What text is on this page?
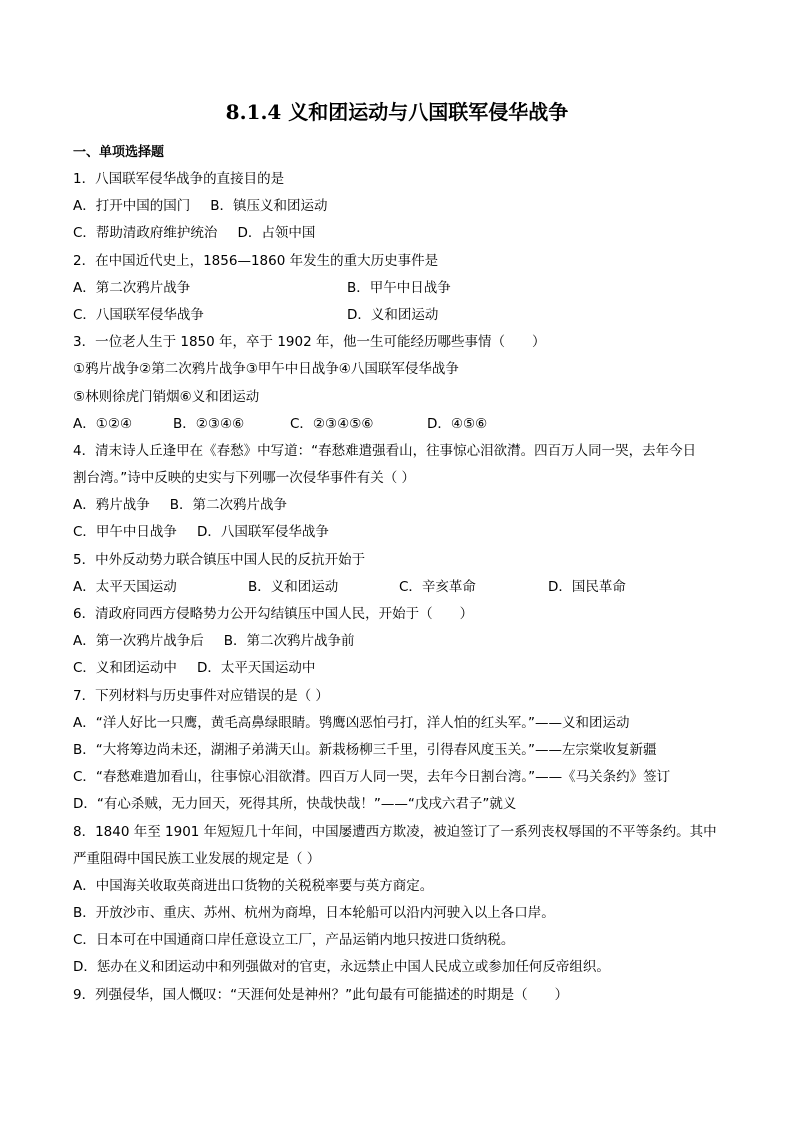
8.1.4 义和团运动与八国联军侵华战争
一、单项选择题
1．八国联军侵华战争的直接目的是
A．打开中国的国门 B．镇压义和团运动
C．帮助清政府维护统治 D．占领中国
2．在中国近代史上，1856—1860 年发生的重大历史事件是
A．第二次鸦片战争	B．甲午中日战争
C．八国联军侵华战争	D．义和团运动
3．一位老人生于 1850 年，卒于 1902 年，他一生可能经历哪些事情（　　）
①鸦片战争②第二次鸦片战争③甲午中日战争④八国联军侵华战争
⑤林则徐虎门销烟⑥义和团运动
A．①②④	B．②③④⑥	C．②③④⑤⑥	D．④⑤⑥
4．清末诗人丘逢甲在《春愁》中写道：“春愁难遣强看山，往事惊心泪欲潸。四百万人同一哭，去年今日
割台湾。”诗中反映的史实与下列哪一次侵华事件有关（ ）
A．鸦片战争 B．第二次鸦片战争
C．甲午中日战争 D．八国联军侵华战争
5．中外反动势力联合镇压中国人民的反抗开始于
A．太平天国运动	B．义和团运动	C．辛亥革命	D．国民革命
6．清政府同西方侵略势力公开勾结镇压中国人民，开始于（　　）
A．第一次鸦片战争后 B．第二次鸦片战争前
C．义和团运动中 D．太平天国运动中
7．下列材料与历史事件对应错误的是（ ）
A．“洋人好比一只鹰，黄毛高鼻绿眼睛。鸮鹰凶恶怕弓打，洋人怕的红头军。”——义和团运动
B．“大将筹边尚未还，湖湘子弟满天山。新栽杨柳三千里，引得春风度玉关。”——左宗棠收复新疆
C．“春愁难遣加看山，往事惊心泪欲潸。四百万人同一哭，去年今日割台湾。”——《马关条约》签订
D．“有心杀贼，无力回天，死得其所，快哉快哉！”——“戊戌六君子”就义
8．1840 年至 1901 年短短几十年间，中国屡遭西方欺凌，被迫签订了一系列丧权辱国的不平等条约。其中
严重阻碍中国民族工业发展的规定是（ ）
A．中国海关收取英商进出口货物的关税税率要与英方商定。
B．开放沙市、重庆、苏州、杭州为商埠，日本轮船可以沿内河驶入以上各口岸。
C．日本可在中国通商口岸任意设立工厂，产品运销内地只按进口货纳税。
D．惩办在义和团运动中和列强做对的官吏，永远禁止中国人民成立或参加任何反帝组织。
9．列强侵华，国人慨叹：“天涯何处是神州？”此句最有可能描述的时期是（　　）
